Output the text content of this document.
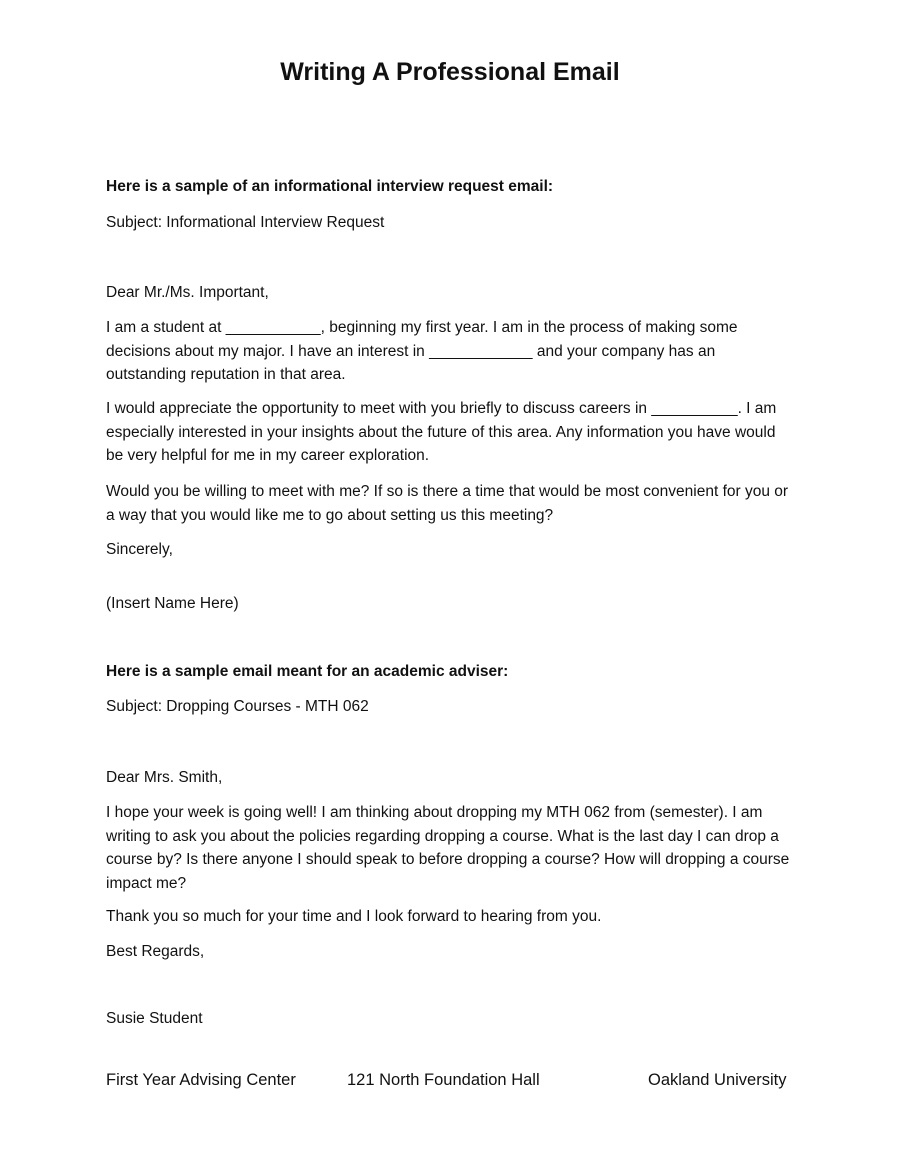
Writing A Professional Email

Here is a sample of an informational interview request email:

Subject: Informational Interview Request

Dear Mr./Ms. Important,

I am a student at ___________, beginning my first year. I am in the process of making some decisions about my major. I have an interest in ____________ and your company has an outstanding reputation in that area.

I would appreciate the opportunity to meet with you briefly to discuss careers in __________. I am especially interested in your insights about the future of this area. Any information you have would be very helpful for me in my career exploration.

Would you be willing to meet with me? If so is there a time that would be most convenient for you or a way that you would like me to go about setting us this meeting?

Sincerely,

(Insert Name Here)

Here is a sample email meant for an academic adviser:

Subject: Dropping Courses - MTH 062

Dear Mrs. Smith,

I hope your week is going well! I am thinking about dropping my MTH 062 from (semester). I am writing to ask you about the policies regarding dropping a course. What is the last day I can drop a course by? Is there anyone I should speak to before dropping a course? How will dropping a course impact me?

Thank you so much for your time and I look forward to hearing from you.

Best Regards,

Susie Student

First Year Advising Center	121 North Foundation Hall	Oakland University
